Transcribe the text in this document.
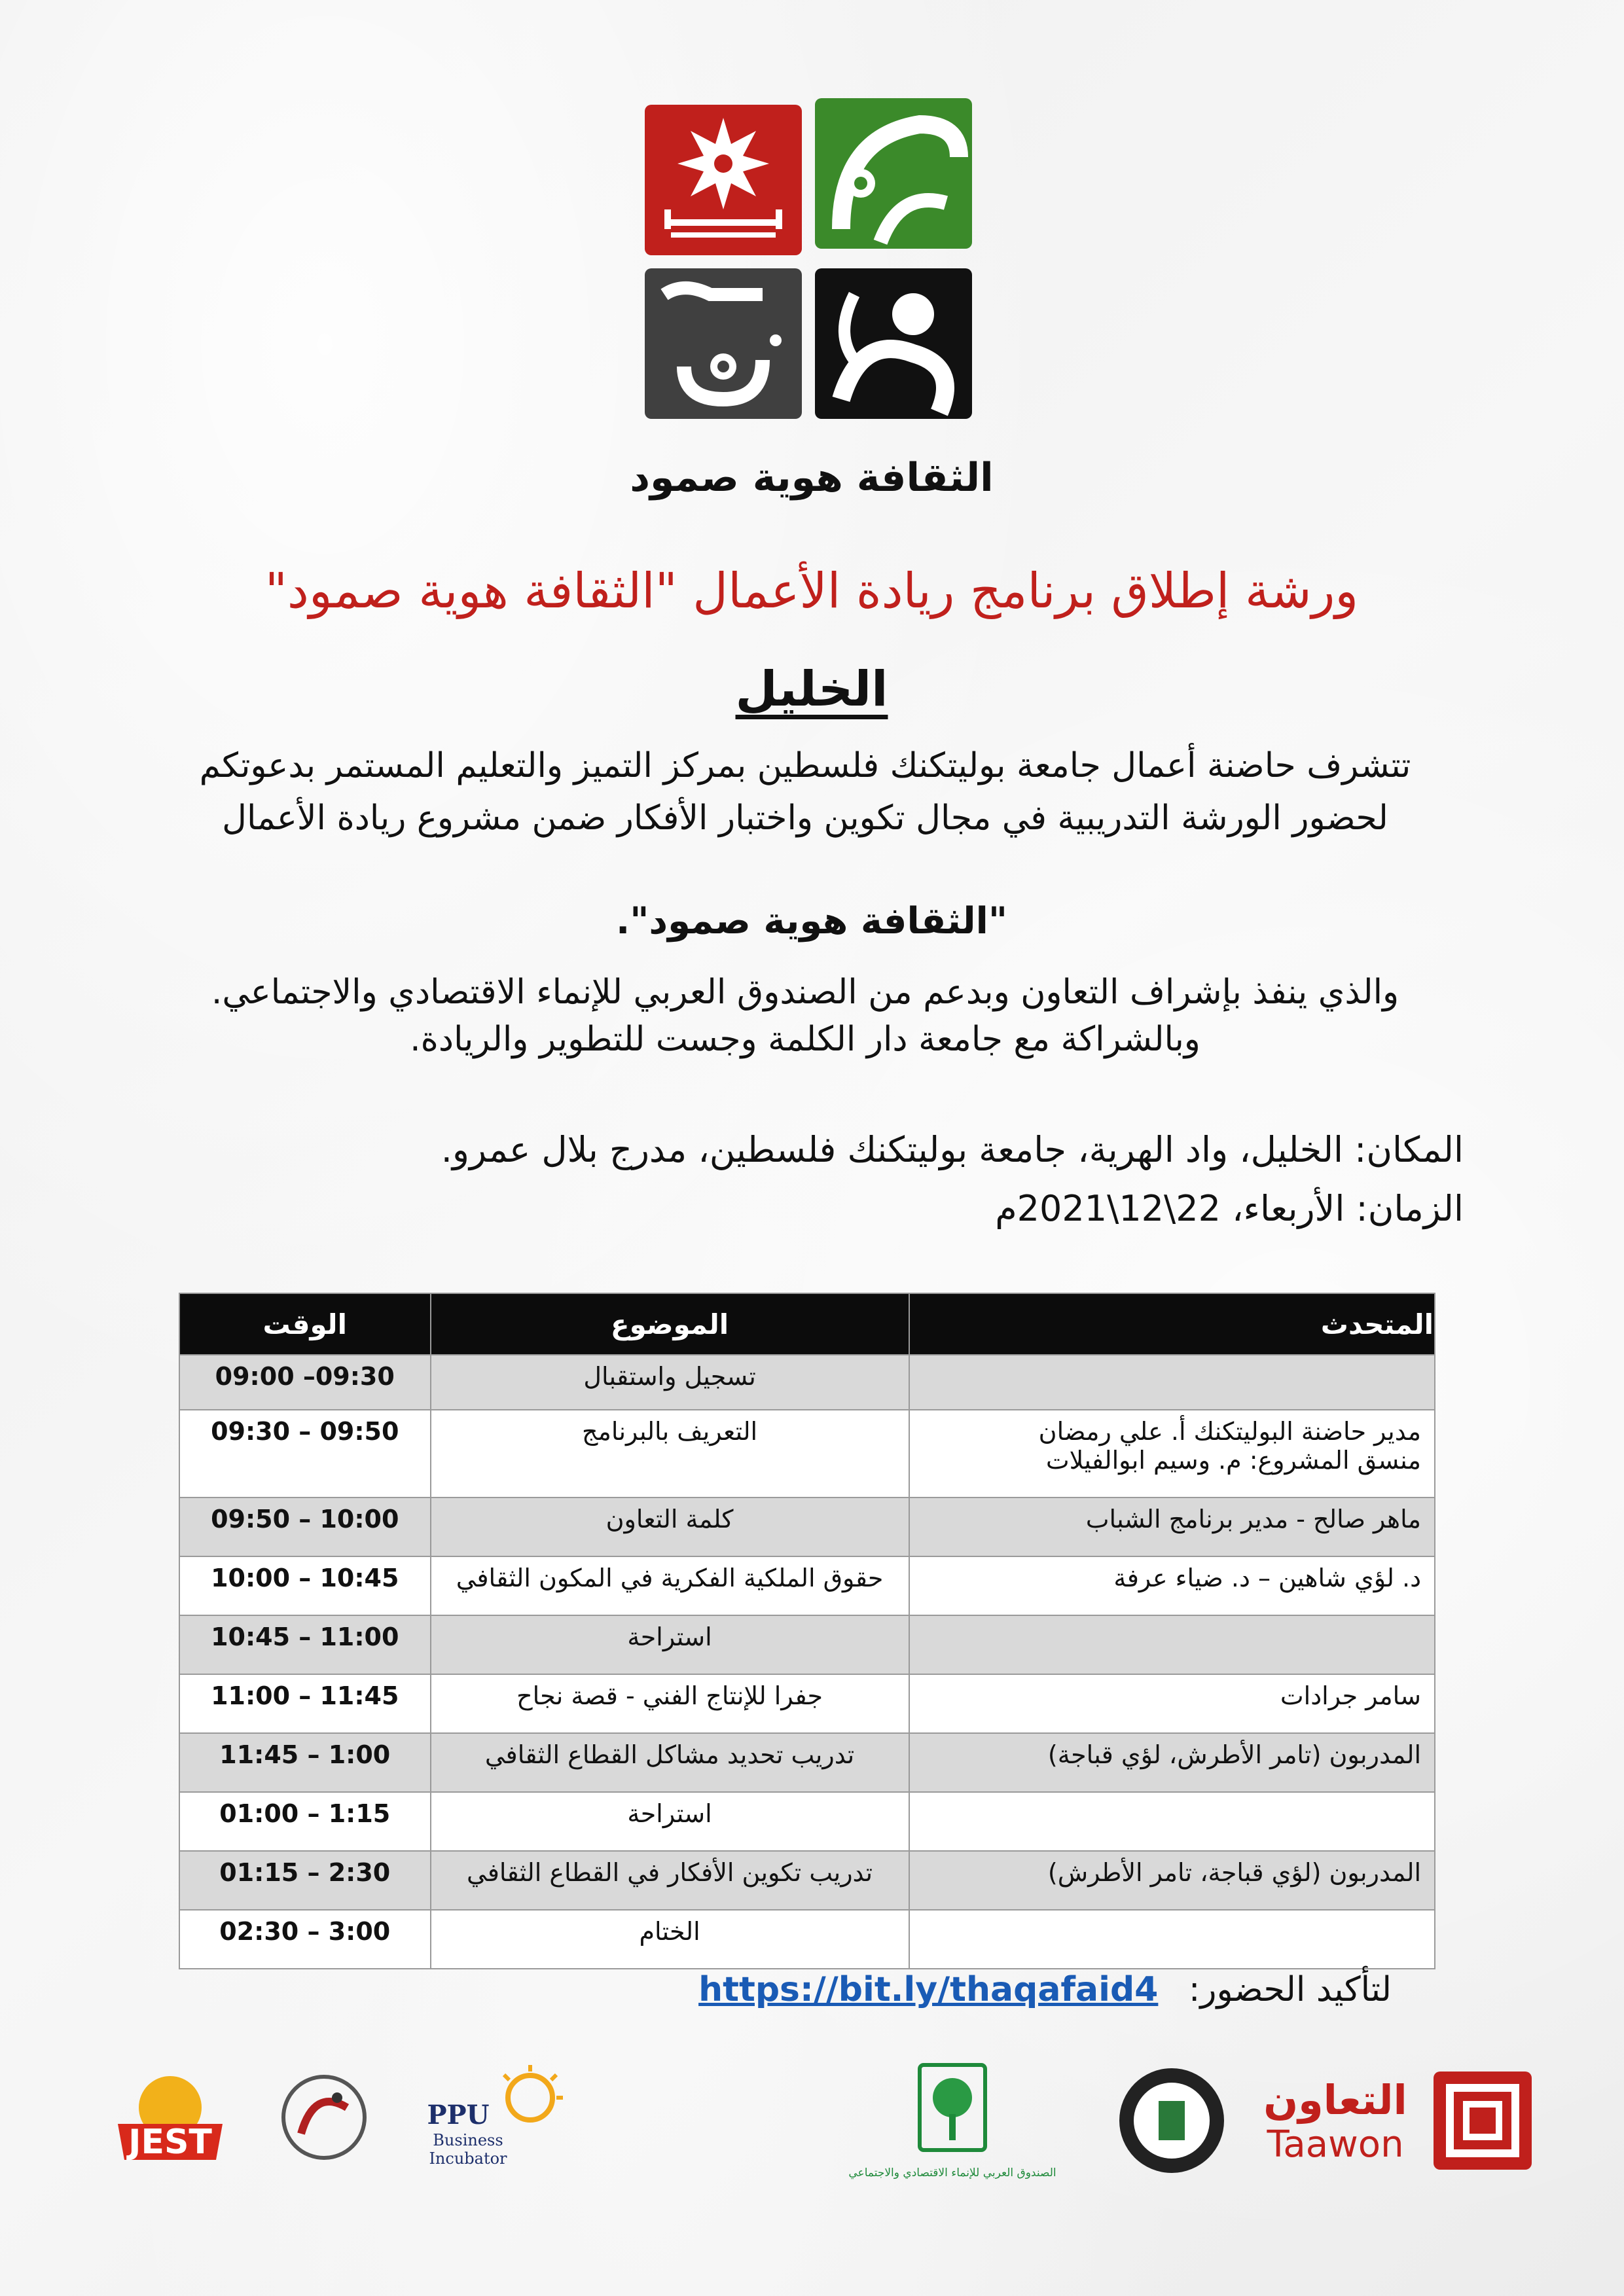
الثقافة هوية صمود
ورشة إطلاق برنامج ريادة الأعمال "الثقافة هوية صمود"
الخليل
تتشرف حاضنة أعمال جامعة بوليتكنك فلسطين بمركز التميز والتعليم المستمر بدعوتكم
لحضور الورشة التدريبية في مجال تكوين واختبار الأفكار ضمن مشروع ريادة الأعمال
"الثقافة هوية صمود".
والذي ينفذ بإشراف التعاون وبدعم من الصندوق العربي للإنماء الاقتصادي والاجتماعي.
وبالشراكة مع جامعة دار الكلمة وجست للتطوير والريادة.
المكان: الخليل، واد الهرية، جامعة بوليتكنك فلسطين، مدرج بلال عمرو.
الزمان: الأربعاء، 22\12\2021م
المتحدث	الموضوع	الوقت

	تسجيل واستقبال	09:00 –09:30

مدير حاضنة البوليتكنك أ. علي رمضان
منسق المشروع: م. وسيم ابوالفيلات	التعريف بالبرنامج	09:30 – 09:50

ماهر صالح - مدير برنامج الشباب	كلمة التعاون	09:50 – 10:00

د. لؤي شاهين – د. ضياء عرفة	حقوق الملكية الفكرية في المكون الثقافي	10:00 – 10:45

	استراحة	10:45 – 11:00

سامر جرادات	جفرا للإنتاج الفني - قصة نجاح	11:00 – 11:45

المدربون (تامر الأطرش، لؤي قباجة)	تدريب تحديد مشاكل القطاع الثقافي	11:45 – 1:00

	استراحة	01:00 – 1:15

المدربون (لؤي قباجة، تامر الأطرش)	تدريب تكوين الأفكار في القطاع الثقافي	01:15 – 2:30

	الختام	02:30 – 3:00
لتأكيد الحضور: https://bit.ly/thaqafaid4
JEST
PPU
Business
Incubator
الصندوق العربي للإنماء الاقتصادي والاجتماعي
التعاون
Taawon
